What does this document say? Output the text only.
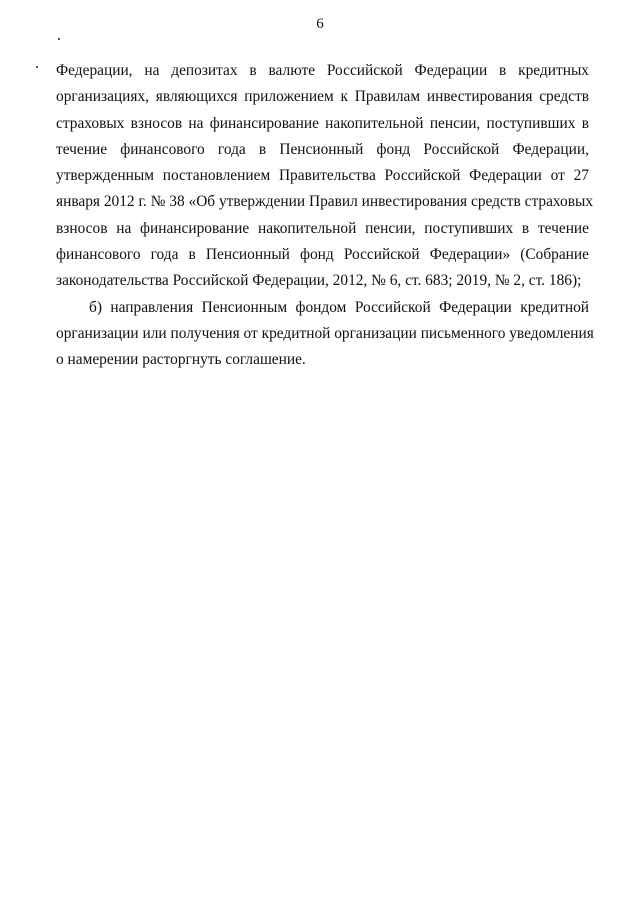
6
Федерации, на депозитах в валюте Российской Федерации в кредитных
организациях, являющихся приложением к Правилам инвестирования средств
страховых взносов на финансирование накопительной пенсии, поступивших в
течение финансового года в Пенсионный фонд Российской Федерации,
утвержденным постановлением Правительства Российской Федерации от 27
января 2012 г. № 38 «Об утверждении Правил инвестирования средств страховых
взносов на финансирование накопительной пенсии, поступивших в течение
финансового года в Пенсионный фонд Российской Федерации» (Собрание
законодательства Российской Федерации, 2012, № 6, ст. 683; 2019, № 2, ст. 186);
б) направления Пенсионным фондом Российской Федерации кредитной
организации или получения от кредитной организации письменного уведомления
о намерении расторгнуть соглашение.
